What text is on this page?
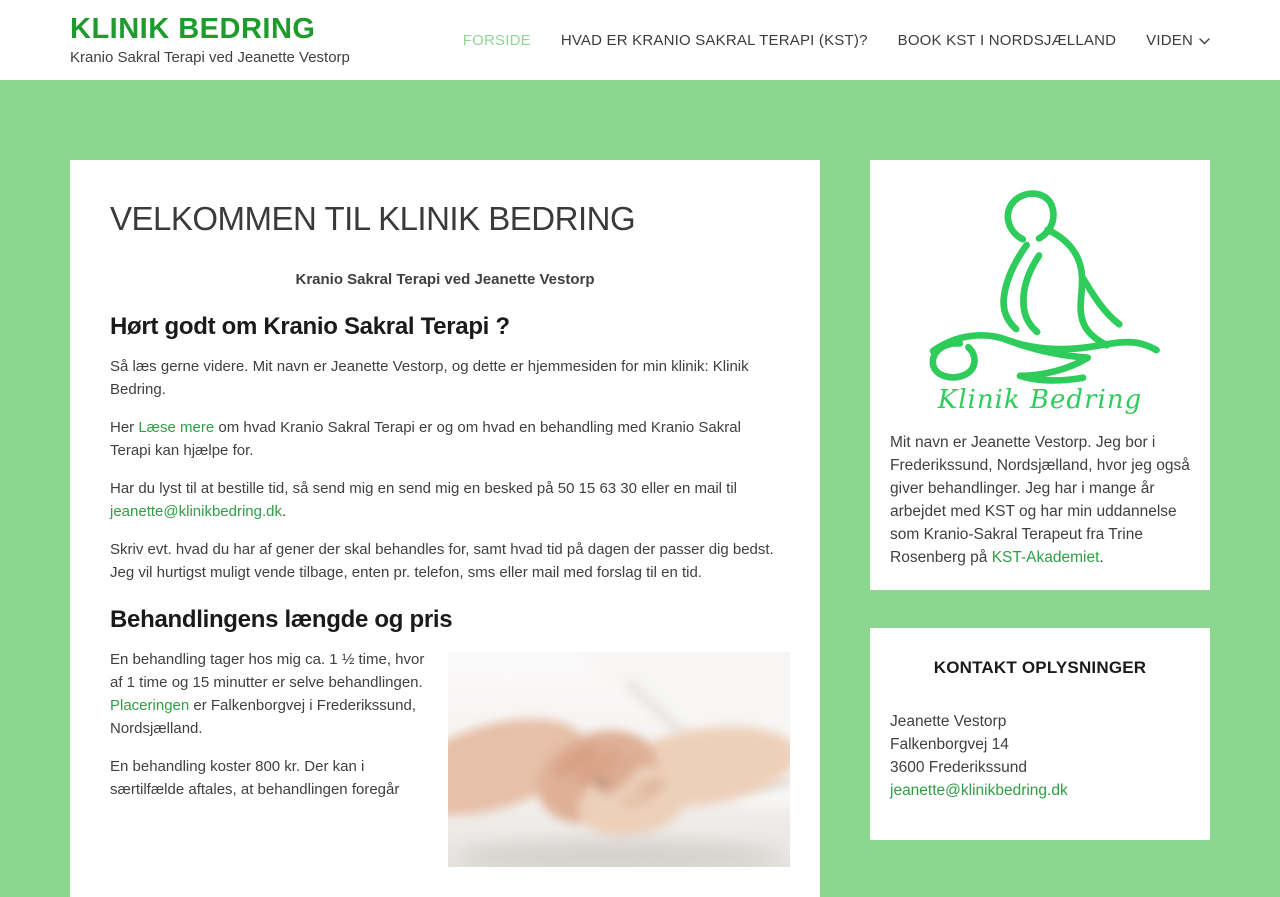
KLINIK BEDRING
Kranio Sakral Terapi ved Jeanette Vestorp
FORSIDE HVAD ER KRANIO SAKRAL TERAPI (KST)? BOOK KST I NORDSJÆLLAND VIDEN
VELKOMMEN TIL KLINIK BEDRING

Kranio Sakral Terapi ved Jeanette Vestorp

Hørt godt om Kranio Sakral Terapi ?

Så læs gerne videre. Mit navn er Jeanette Vestorp, og dette er hjemmesiden for min klinik: Klinik Bedring.

Her Læse mere om hvad Kranio Sakral Terapi er og om hvad en behandling med Kranio Sakral Terapi kan hjælpe for.

Har du lyst til at bestille tid, så send mig en send mig en besked på 50 15 63 30 eller en mail til jeanette@klinikbedring.dk.

Skriv evt. hvad du har af gener der skal behandles for, samt hvad tid på dagen der passer dig bedst. Jeg vil hurtigst muligt vende tilbage, enten pr. telefon, sms eller mail med forslag til en tid.

Behandlingens længde og pris

En behandling tager hos mig ca. 1 ½ time, hvor af 1 time og 15 minutter er selve behandlingen.
Placeringen er Falkenborgvej i Frederikssund, Nordsjælland.

En behandling koster 800 kr. Der kan i særtilfælde aftales, at behandlingen foregår

Klinik Bedring
Mit navn er Jeanette Vestorp. Jeg bor i Frederikssund, Nordsjælland, hvor jeg også giver behandlinger. Jeg har i mange år arbejdet med KST og har min uddannelse som Kranio-Sakral Terapeut fra Trine Rosenberg på KST-Akademiet.
KONTAKT OPLYSNINGER
Jeanette Vestorp
Falkenborgvej 14
3600 Frederikssund
jeanette@klinikbedring.dk
